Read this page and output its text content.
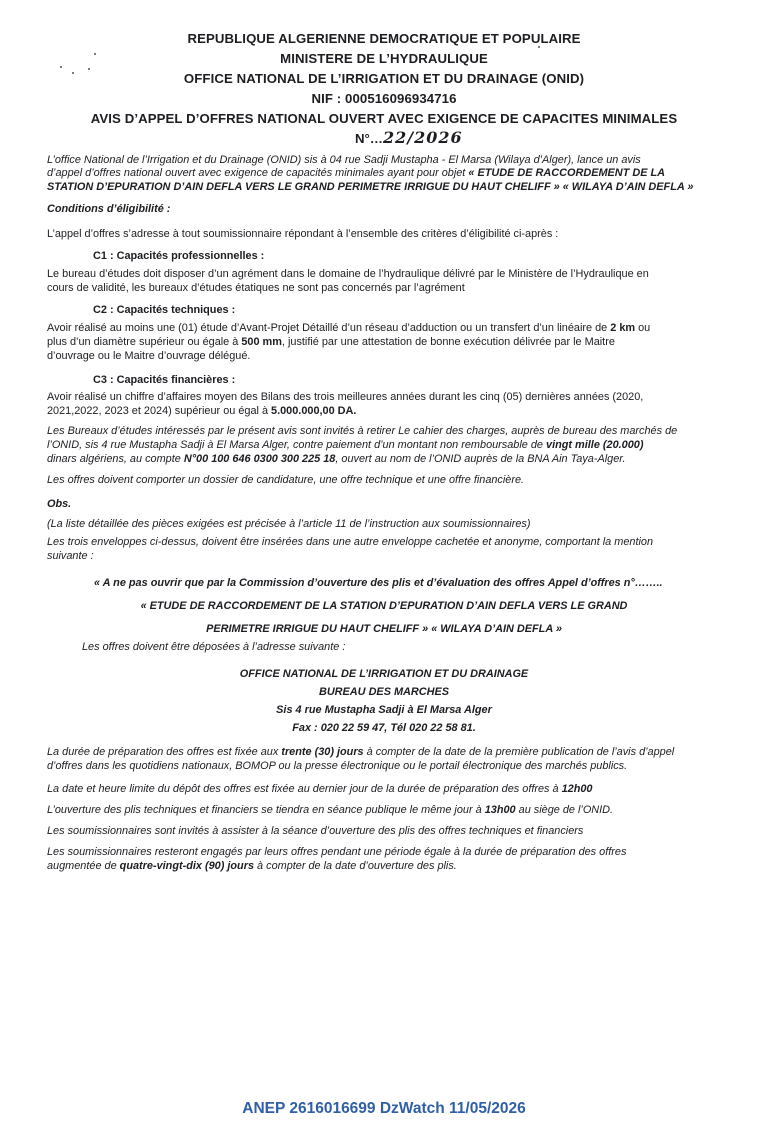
REPUBLIQUE ALGERIENNE DEMOCRATIQUE ET POPULAIRE
MINISTERE DE L’HYDRAULIQUE
OFFICE NATIONAL DE L’IRRIGATION ET DU DRAINAGE (ONID)
NIF : 000516096934716
AVIS D’APPEL D’OFFRES NATIONAL OUVERT AVEC EXIGENCE DE CAPACITES MINIMALES
N°…22/2026
L’office National de l’Irrigation et du Drainage (ONID) sis à 04 rue Sadji Mustapha - El Marsa (Wilaya d’Alger), lance un avis
d’appel d’offres national ouvert avec exigence de capacités minimales ayant pour objet « ETUDE DE RACCORDEMENT DE LA
STATION D’EPURATION D’AIN DEFLA VERS LE GRAND PERIMETRE IRRIGUE DU HAUT CHELIFF » « WILAYA D’AIN DEFLA »
Conditions d’éligibilité :
L’appel d’offres s’adresse à tout soumissionnaire répondant à l’ensemble des critères d’éligibilité ci-après :
C1 : Capacités professionnelles :
Le bureau d’études doit disposer d’un agrément dans le domaine de l’hydraulique délivré par le Ministère de l’Hydraulique en
cours de validité, les bureaux d’études étatiques ne sont pas concernés par l’agrément
C2 : Capacités techniques :
Avoir réalisé au moins une (01) étude d’Avant-Projet Détaillé d’un réseau d’adduction ou un transfert d’un linéaire de 2 km ou
plus d’un diamètre supérieur ou égale à 500 mm, justifié par une attestation de bonne exécution délivrée par le Maitre
d’ouvrage ou le Maitre d’ouvrage délégué.
C3 : Capacités financières :
Avoir réalisé un chiffre d’affaires moyen des Bilans des trois meilleures années durant les cinq (05) dernières années (2020,
2021,2022, 2023 et 2024) supérieur ou égal à 5.000.000,00 DA.
Les Bureaux d’études intéressés par le présent avis sont invités à retirer Le cahier des charges, auprès de bureau des marchés de
l’ONID, sis 4 rue Mustapha Sadji à El Marsa Alger, contre paiement d’un montant non remboursable de vingt mille (20.000)
dinars algériens, au compte N°00 100 646 0300 300 225 18, ouvert au nom de l’ONID auprès de la BNA Ain Taya-Alger.
Les offres doivent comporter un dossier de candidature, une offre technique et une offre financière.
Obs.
(La liste détaillée des pièces exigées est précisée à l’article 11 de l’instruction aux soumissionnaires)
Les trois enveloppes ci-dessus, doivent être insérées dans une autre enveloppe cachetée et anonyme, comportant la mention
suivante :
« A ne pas ouvrir que par la Commission d’ouverture des plis et d’évaluation des offres Appel d’offres n°……..
« ETUDE DE RACCORDEMENT DE LA STATION D’EPURATION D’AIN DEFLA VERS LE GRAND
PERIMETRE IRRIGUE DU HAUT CHELIFF » « WILAYA D’AIN DEFLA »
Les offres doivent être déposées à l’adresse suivante :
OFFICE NATIONAL DE L’IRRIGATION ET DU DRAINAGE
BUREAU DES MARCHES
Sis 4 rue Mustapha Sadji à El Marsa Alger
Fax : 020 22 59 47, Tél 020 22 58 81.
La durée de préparation des offres est fixée aux trente (30) jours à compter de la date de la première publication de l’avis d’appel
d’offres dans les quotidiens nationaux, BOMOP ou la presse électronique ou le portail électronique des marchés publics.
La date et heure limite du dépôt des offres est fixée au dernier jour de la durée de préparation des offres à 12h00
L’ouverture des plis techniques et financiers se tiendra en séance publique le même jour à 13h00 au siège de l’ONID.
Les soumissionnaires sont invités à assister à la séance d’ouverture des plis des offres techniques et financiers
Les soumissionnaires resteront engagés par leurs offres pendant une période égale à la durée de préparation des offres
augmentée de quatre-vingt-dix (90) jours à compter de la date d’ouverture des plis.
ANEP 2616016699 DzWatch 11/05/2026
